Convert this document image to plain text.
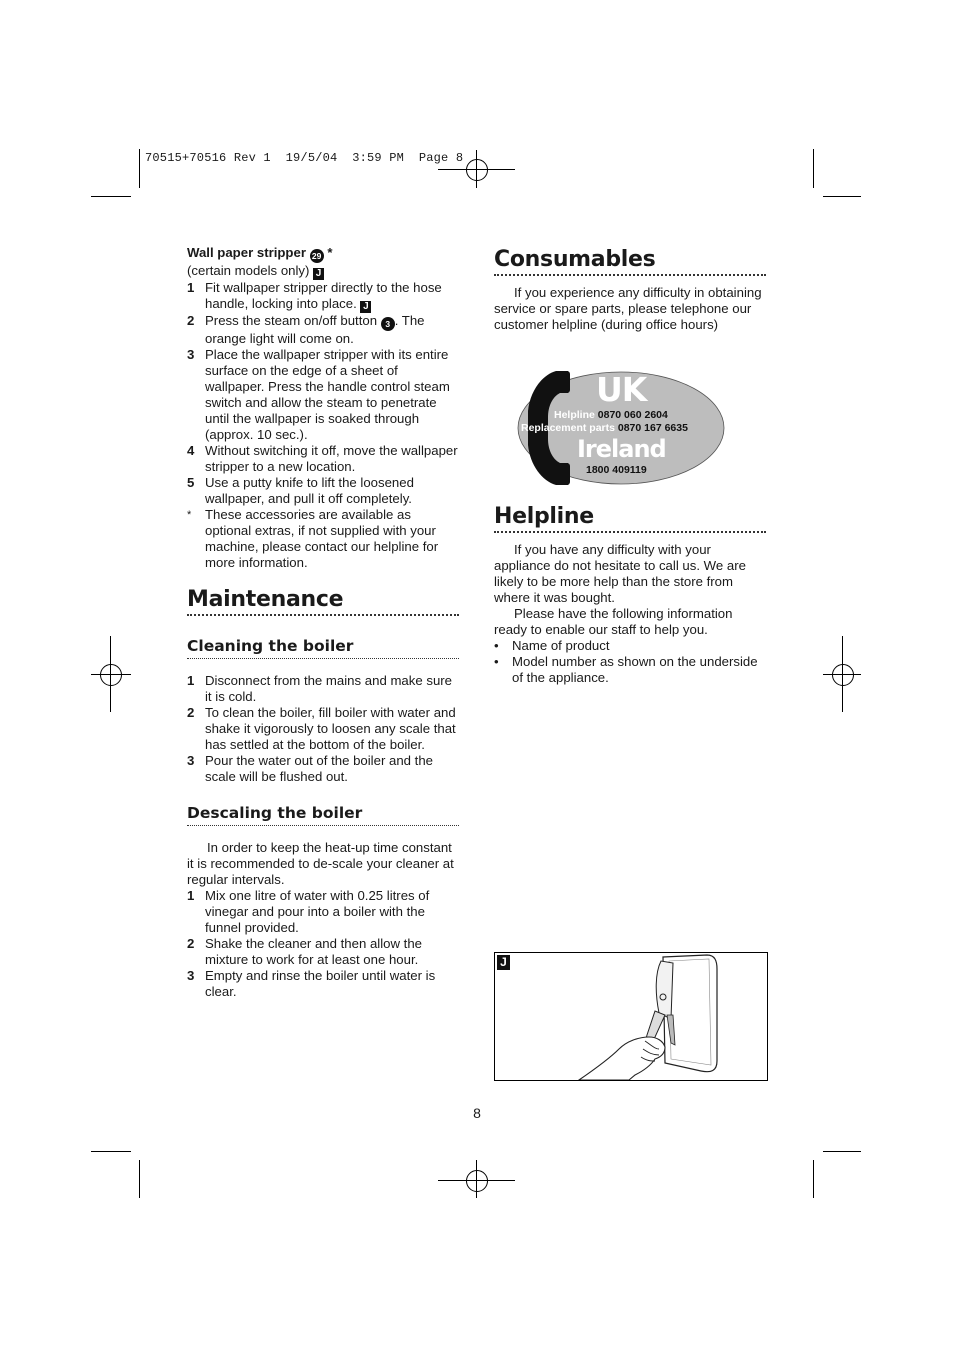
70515+70516 Rev 1  19/5/04  3:59 PM  Page 8
Wall paper stripper 29 *
(certain models only) J
1 Fit wallpaper stripper directly to the hose handle, locking into place. J
2 Press the steam on/off button 3 . The orange light will come on.
3 Place the wallpaper stripper with its entire surface on the edge of a sheet of wallpaper. Press the handle control steam switch and allow the steam to penetrate until the wallpaper is soaked through (approx. 10 sec.).
4 Without switching it off, move the wallpaper stripper to a new location.
5 Use a putty knife to lift the loosened wallpaper, and pull it off completely.
*	These accessories are available as optional extras, if not supplied with your machine, please contact our helpline for more information.
Maintenance
Cleaning the boiler
1 Disconnect from the mains and make sure it is cold.
2 To clean the boiler, fill boiler with water and shake it vigorously to loosen any scale that has settled at the bottom of the boiler.
3 Pour the water out of the boiler and the scale will be flushed out.
Descaling the boiler
In order to keep the heat-up time constant it is recommended to de-scale your cleaner at regular intervals.
1 Mix one litre of water with 0.25 litres of vinegar and pour into a boiler with the funnel provided.
2 Shake the cleaner and then allow the mixture to work for at least one hour.
3 Empty and rinse the boiler until water is clear.
Consumables
If you experience any difficulty in obtaining service or spare parts, please telephone our customer helpline (during office hours)
UK
Helpline 0870 060 2604
Replacement parts 0870 167 6635
Ireland
1800 409119
Helpline
If you have any difficulty with your appliance do not hesitate to call us. We are likely to be more help than the store from where it was bought.
Please have the following information ready to enable our staff to help you.
•	Name of product
•	Model number as shown on the underside of the appliance.
J
8
